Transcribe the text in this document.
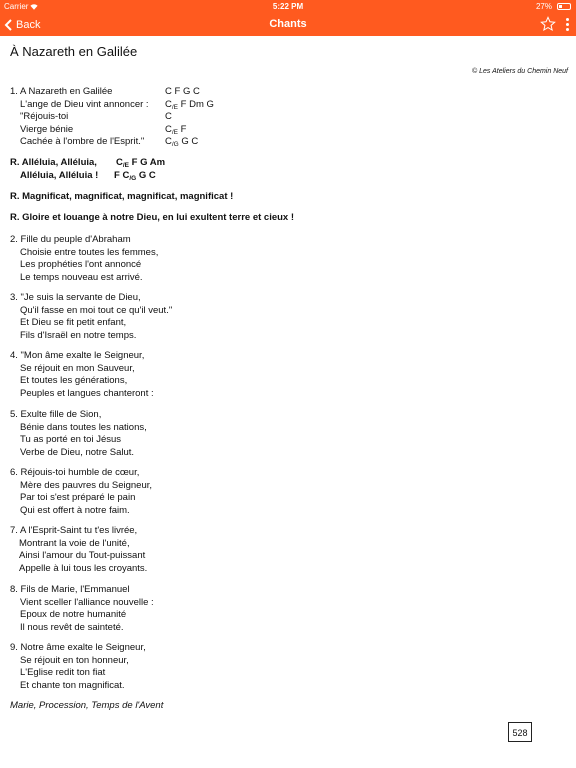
Carrier	5:22 PM	27%
Back	Chants
À Nazareth en Galilée
© Les Ateliers du Chemin Neuf
1. A Nazareth en Galilée	C F G C
L'ange de Dieu vint annoncer : $C_{/E}$ F Dm G
"Réjouis-toi	C
Vierge bénie	$C_{/E}$ F
Cachée à l'ombre de l'Esprit." $C_{/G}$ G C
R. Alléluia, Alléluia, $C_{/E}$ F G Am
Alléluia, Alléluia ! F $C_{/G}$ G C
R. Magnificat, magnificat, magnificat, magnificat !
R. Gloire et louange à notre Dieu, en lui exultent terre et cieux !
2. Fille du peuple d'Abraham
Choisie entre toutes les femmes,
Les prophéties l'ont annoncé
Le temps nouveau est arrivé.
3. "Je suis la servante de Dieu,
Qu'il fasse en moi tout ce qu'il veut."
Et Dieu se fit petit enfant,
Fils d'Israël en notre temps.
4. "Mon âme exalte le Seigneur,
Se réjouit en mon Sauveur,
Et toutes les générations,
Peuples et langues chanteront :
5. Exulte fille de Sion,
Bénie dans toutes les nations,
Tu as porté en toi Jésus
Verbe de Dieu, notre Salut.
6. Réjouis-toi humble de cœur,
Mère des pauvres du Seigneur,
Par toi s'est préparé le pain
Qui est offert à notre faim.
7. A l'Esprit-Saint tu t'es livrée,
Montrant la voie de l'unité,
Ainsi l'amour du Tout-puissant
Appelle à lui tous les croyants.
8. Fils de Marie, l'Emmanuel
Vient sceller l'alliance nouvelle :
Epoux de notre humanité
Il nous revêt de sainteté.
9. Notre âme exalte le Seigneur,
Se réjouit en ton honneur,
L'Eglise redit ton fiat
Et chante ton magnificat.
Marie, Procession, Temps de l'Avent
528
